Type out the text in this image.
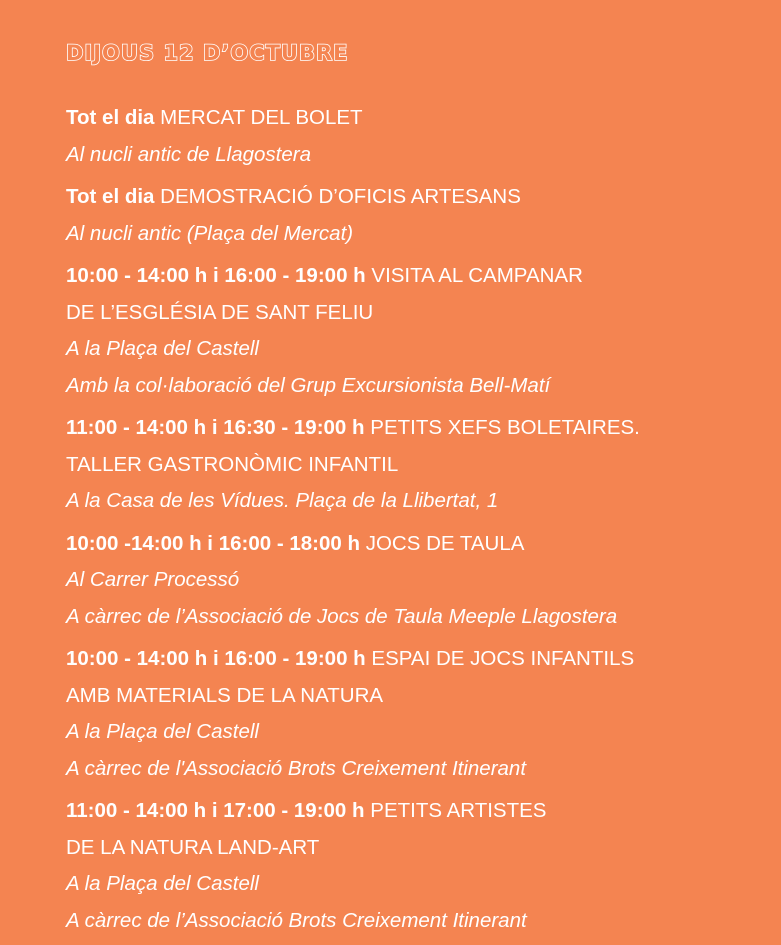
DIJOUS 12 D’OCTUBRE
Tot el dia MERCAT DEL BOLET
Al nucli antic de Llagostera
Tot el dia DEMOSTRACIÓ D’OFICIS ARTESANS
Al nucli antic (Plaça del Mercat)
10:00 - 14:00 h i 16:00 - 19:00 h VISITA AL CAMPANAR
DE L’ESGLÉSIA DE SANT FELIU
A la Plaça del Castell
Amb la col·laboració del Grup Excursionista Bell-Matí
11:00 - 14:00 h i 16:30 - 19:00 h PETITS XEFS BOLETAIRES.
TALLER GASTRONÒMIC INFANTIL
A la Casa de les Vídues. Plaça de la Llibertat, 1
10:00 -14:00 h i 16:00 - 18:00 h JOCS DE TAULA
Al Carrer Processó
A càrrec de l’Associació de Jocs de Taula Meeple Llagostera
10:00 - 14:00 h i 16:00 - 19:00 h ESPAI DE JOCS INFANTILS
AMB MATERIALS DE LA NATURA
A la Plaça del Castell
A càrrec de l'Associació Brots Creixement Itinerant
11:00 - 14:00 h i 17:00 - 19:00 h PETITS ARTISTES
DE LA NATURA LAND-ART
A la Plaça del Castell
A càrrec de l’Associació Brots Creixement Itinerant
